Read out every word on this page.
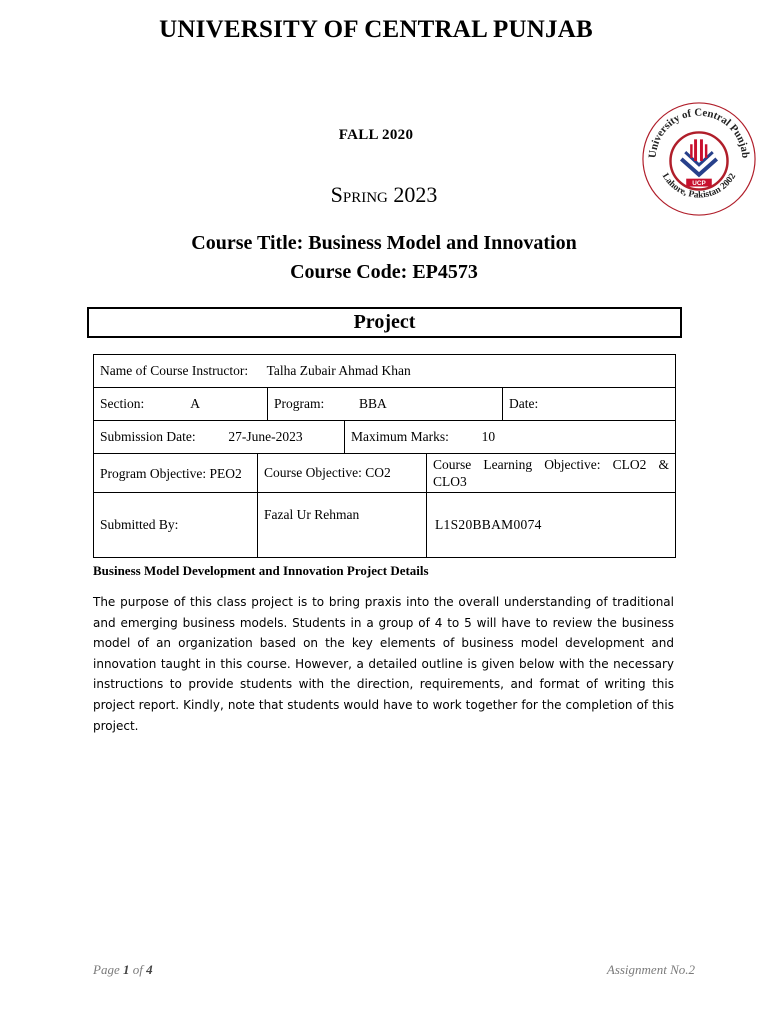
UNIVERSITY OF CENTRAL PUNJAB
FALL 2020
Spring 2023
Course Title: Business Model and Innovation
Course Code: EP4573
University of Central Punjab
Lahore, Pakistan 2002
UCP
Project
Name of Course Instructor: Talha Zubair Ahmad Khan					
Section: A		Program: BBA			Date:
Submission Date: 27-June-2023			Maximum Marks: 10		
Program Objective: PEO2	Course Objective: CO2			Course Learning Objective: CLO2 & CLO3	
Submitted By:	Fazal Ur Rehman			L1S20BBAM0074	
Business Model Development and Innovation Project Details
The purpose of this class project is to bring praxis into the overall understanding of traditional and emerging business models. Students in a group of 4 to 5 will have to review the business model of an organization based on the key elements of business model development and innovation taught in this course. However, a detailed outline is given below with the necessary instructions to provide students with the direction, requirements, and format of writing this project report. Kindly, note that students would have to work together for the completion of this project.
Page 1 of 4	Assignment No.2
